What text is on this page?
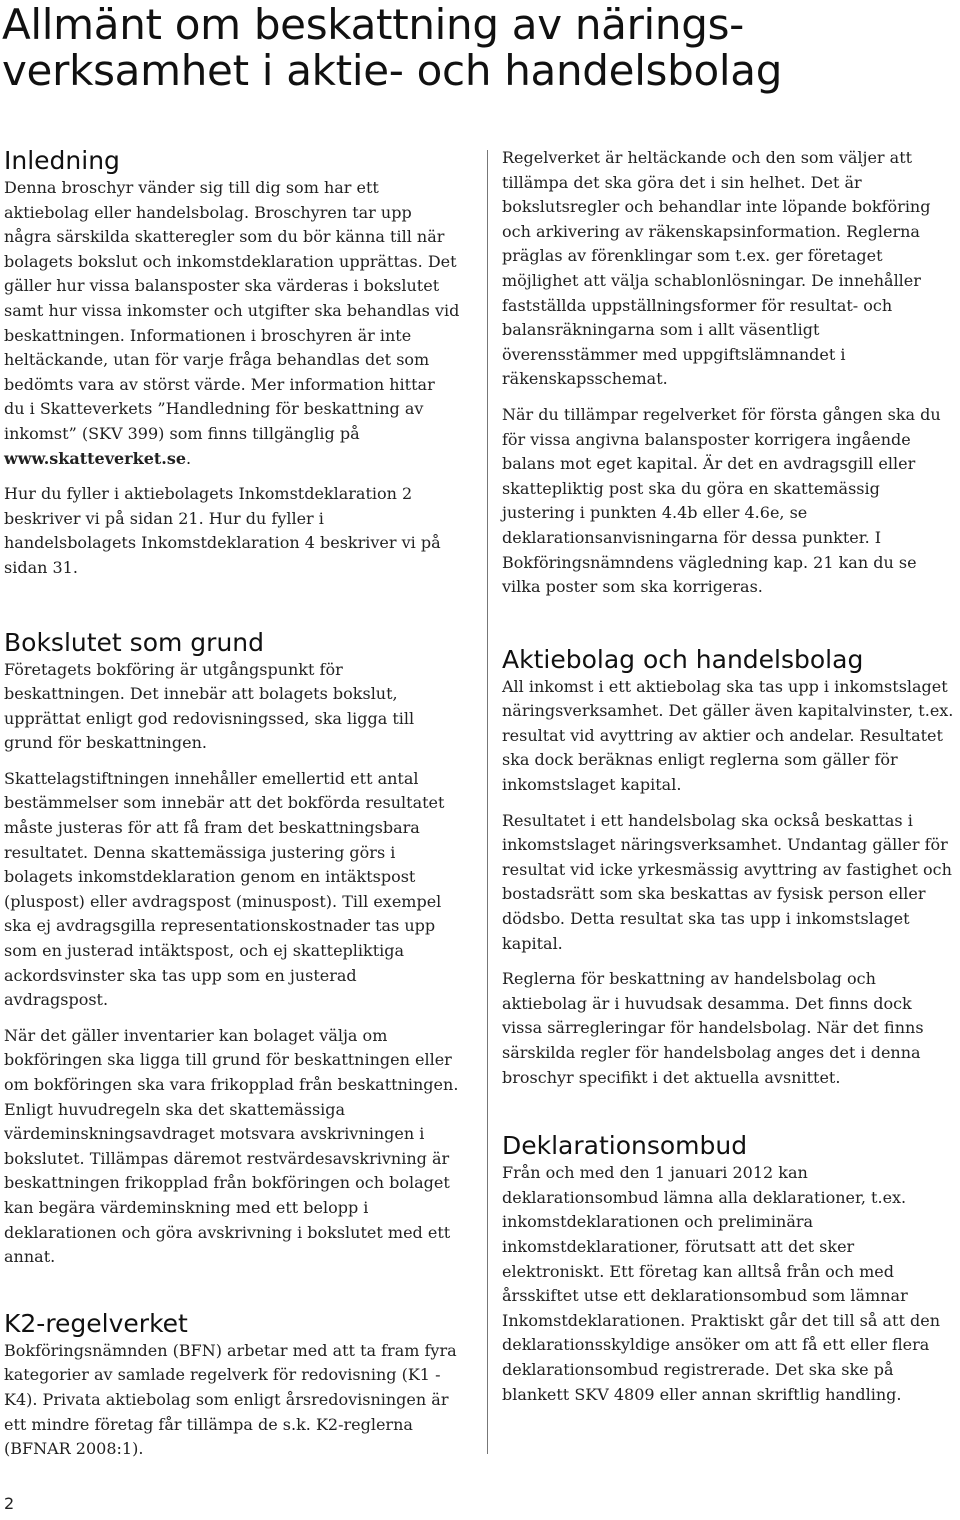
Allmänt om beskattning av närings-
verksamhet i aktie- och handelsbolag
Inledning

Denna broschyr vänder sig till dig som har ett aktiebolag eller handelsbolag. Broschyren tar upp några särskilda skatteregler som du bör känna till när bolagets bokslut och inkomstdeklaration upprättas. Det gäller hur vissa balansposter ska värderas i bokslutet samt hur vissa inkomster och utgifter ska behandlas vid beskattningen. Informationen i broschyren är inte heltäckande, utan för varje fråga behandlas det som bedömts vara av störst värde. Mer information hittar du i Skatteverkets ”Handledning för beskattning av inkomst” (SKV 399) som finns tillgänglig på www.skatteverket.se.

Hur du fyller i aktiebolagets Inkomstdeklaration 2 beskriver vi på sidan 21. Hur du fyller i handelsbolagets Inkomstdeklaration 4 beskriver vi på sidan 31.

Bokslutet som grund

Företagets bokföring är utgångspunkt för beskattningen. Det innebär att bolagets bokslut, upprättat enligt god redovisningssed, ska ligga till grund för beskattningen.

Skattelagstiftningen innehåller emellertid ett antal bestämmelser som innebär att det bokförda resultatet måste justeras för att få fram det beskattningsbara resultatet. Denna skattemässiga justering görs i bolagets inkomstdeklaration genom en intäktspost (pluspost) eller avdragspost (minuspost). Till exempel ska ej avdragsgilla representationskostnader tas upp som en justerad intäktspost, och ej skattepliktiga ackordsvinster ska tas upp som en justerad avdragspost.

När det gäller inventarier kan bolaget välja om bokföringen ska ligga till grund för beskattningen eller om bokföringen ska vara frikopplad från beskattningen. Enligt huvudregeln ska det skattemässiga värdeminskningsavdraget motsvara avskrivningen i bokslutet. Tillämpas däremot restvärdesavskrivning är beskattningen frikopplad från bokföringen och bolaget kan begära värdeminskning med ett belopp i deklarationen och göra avskrivning i bokslutet med ett annat.

K2-regelverket

Bokföringsnämnden (BFN) arbetar med att ta fram fyra kategorier av samlade regelverk för redovisning (K1 - K4). Privata aktiebolag som enligt årsredovisningen är ett mindre företag får tillämpa de s.k. K2-reglerna (BFNAR 2008:1).

Regelverket är heltäckande och den som väljer att tillämpa det ska göra det i sin helhet. Det är bokslutsregler och behandlar inte löpande bokföring och arkivering av räkenskapsinformation. Reglerna präglas av förenklingar som t.ex. ger företaget möjlighet att välja schablonlösningar. De innehåller fastställda uppställningsformer för resultat- och balansräkningarna som i allt väsentligt överensstämmer med uppgiftslämnandet i räkenskapsschemat.

När du tillämpar regelverket för första gången ska du för vissa angivna balansposter korrigera ingående balans mot eget kapital. Är det en avdragsgill eller skattepliktig post ska du göra en skattemässig justering i punkten 4.4b eller 4.6e, se deklarationsanvisningarna för dessa punkter. I Bokföringsnämndens vägledning kap. 21 kan du se vilka poster som ska korrigeras.

Aktiebolag och handelsbolag

All inkomst i ett aktiebolag ska tas upp i inkomstslaget näringsverksamhet. Det gäller även kapitalvinster, t.ex. resultat vid avyttring av aktier och andelar. Resultatet ska dock beräknas enligt reglerna som gäller för inkomstslaget kapital.

Resultatet i ett handelsbolag ska också beskattas i inkomstslaget näringsverksamhet. Undantag gäller för resultat vid icke yrkesmässig avyttring av fastighet och bostadsrätt som ska beskattas av fysisk person eller dödsbo. Detta resultat ska tas upp i inkomstslaget kapital.

Reglerna för beskattning av handelsbolag och aktiebolag är i huvudsak desamma. Det finns dock vissa särregleringar för handelsbolag. När det finns särskilda regler för handelsbolag anges det i denna broschyr specifikt i det aktuella avsnittet.

Deklarationsombud

Från och med den 1 januari 2012 kan deklarationsombud lämna alla deklarationer, t.ex. inkomstdeklarationen och preliminära inkomstdeklarationer, förutsatt att det sker elektroniskt. Ett företag kan alltså från och med årsskiftet utse ett deklarationsombud som lämnar Inkomstdeklarationen. Praktiskt går det till så att den deklarationsskyldige ansöker om att få ett eller flera deklarationsombud registrerade. Det ska ske på blankett SKV 4809 eller annan skriftlig handling.

2
